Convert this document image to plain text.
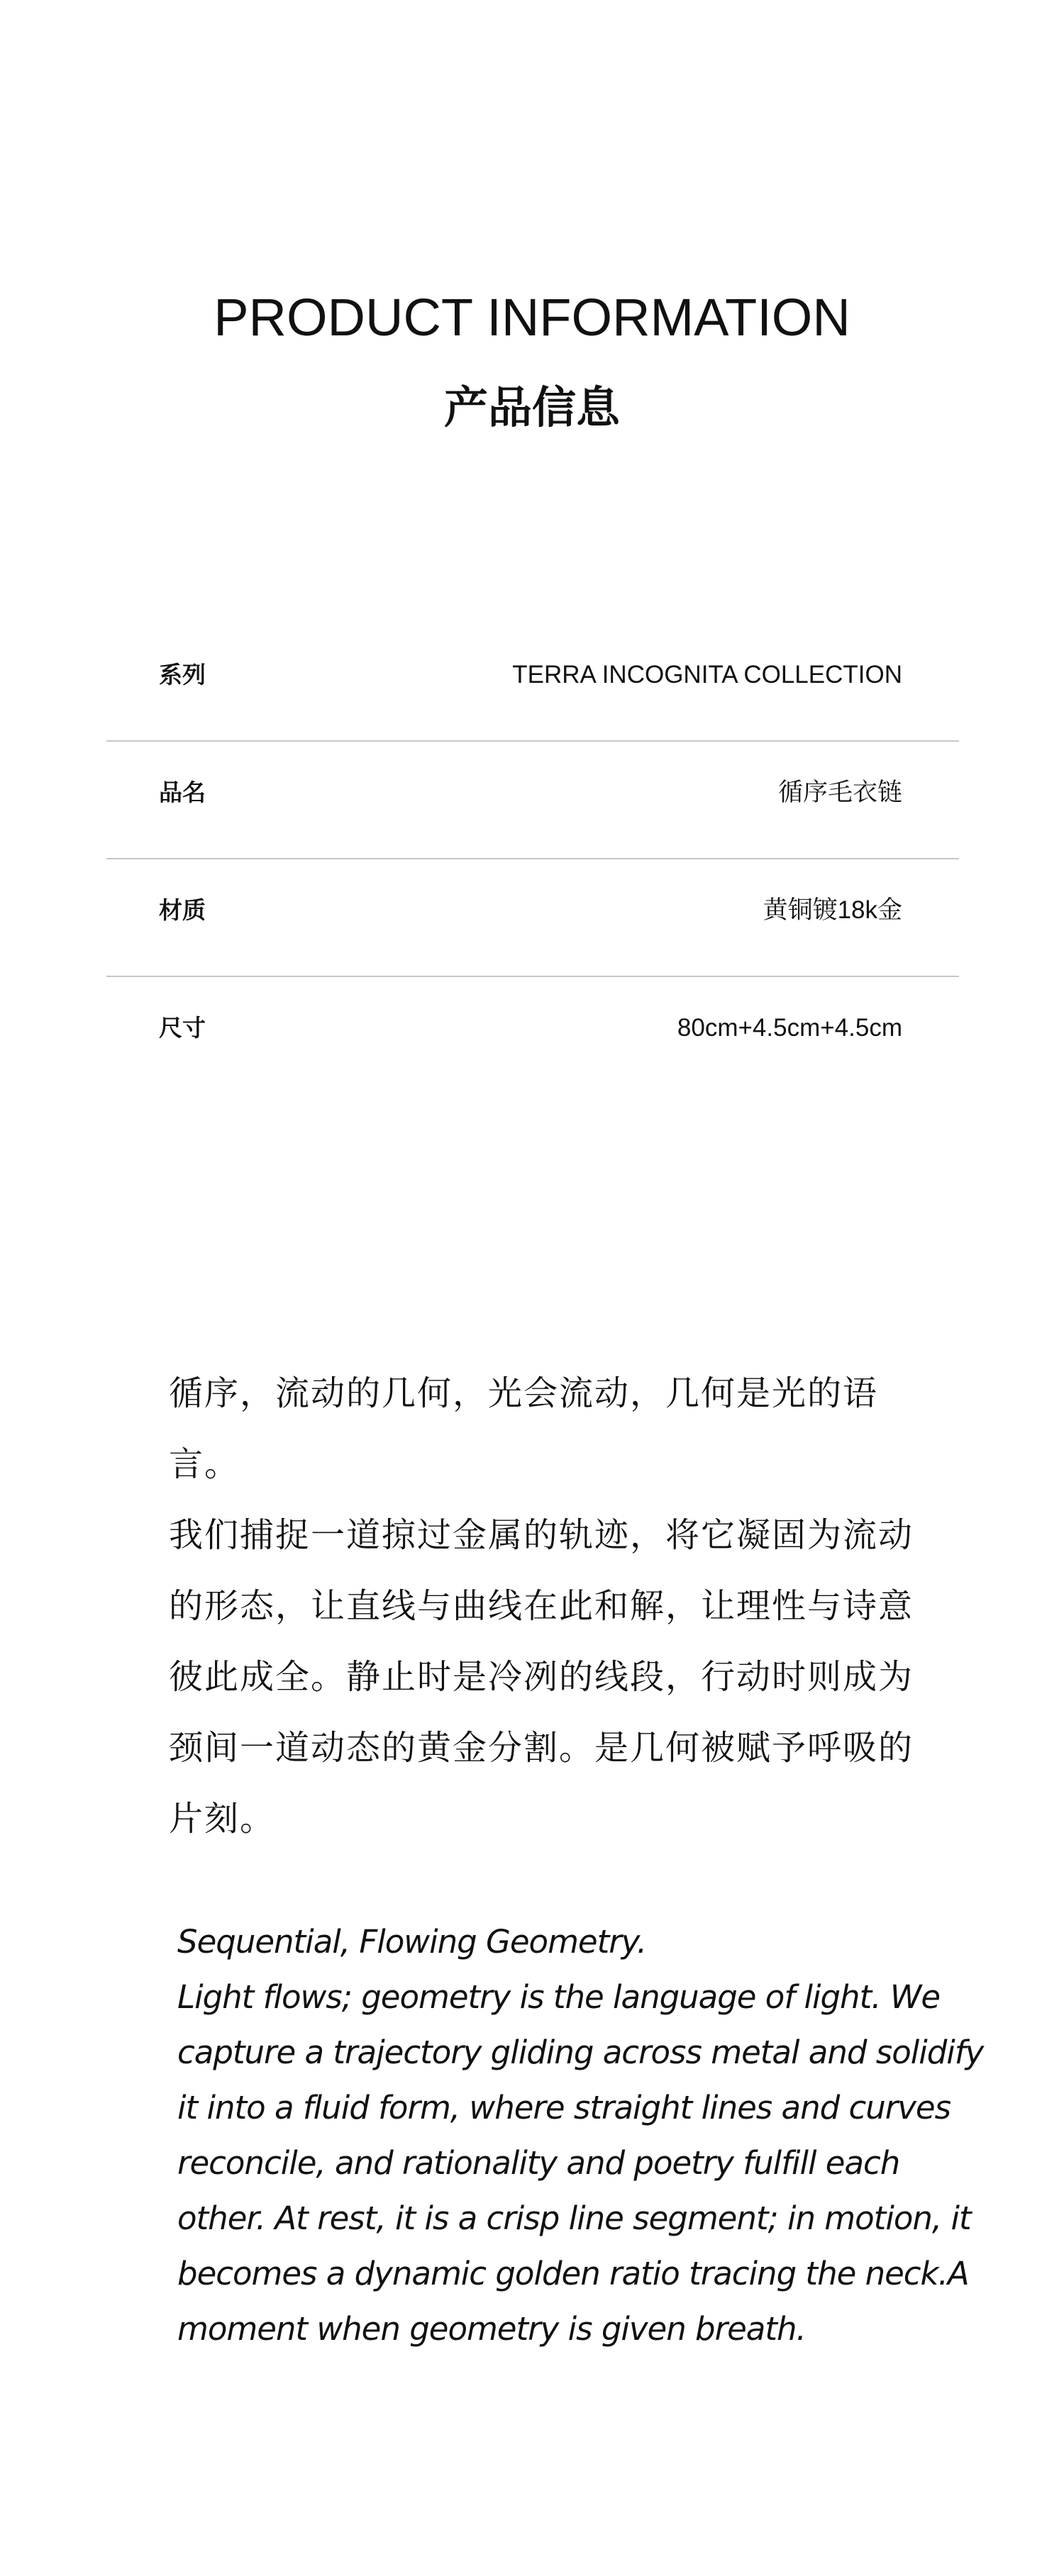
PRODUCT INFORMATION
产品信息
系列	TERRA INCOGNITA COLLECTION
品名	循序毛衣链
材质	黄铜镀18k金
尺寸	80cm+4.5cm+4.5cm

循序，流动的几何，光会流动，几何是光的语言。

我们捕捉一道掠过金属的轨迹，将它凝固为流动的形态，让直线与曲线在此和解，让理性与诗意彼此成全。静止时是冷冽的线段，行动时则成为颈间一道动态的黄金分割。是几何被赋予呼吸的片刻。

Sequential, Flowing Geometry.

Light flows; geometry is the language of light. We capture a trajectory gliding across metal and solidify it into a fluid form, where straight lines and curves reconcile, and rationality and poetry fulfill each other. At rest, it is a crisp line segment; in motion, it becomes a dynamic golden ratio tracing the neck.A moment when geometry is given breath.
